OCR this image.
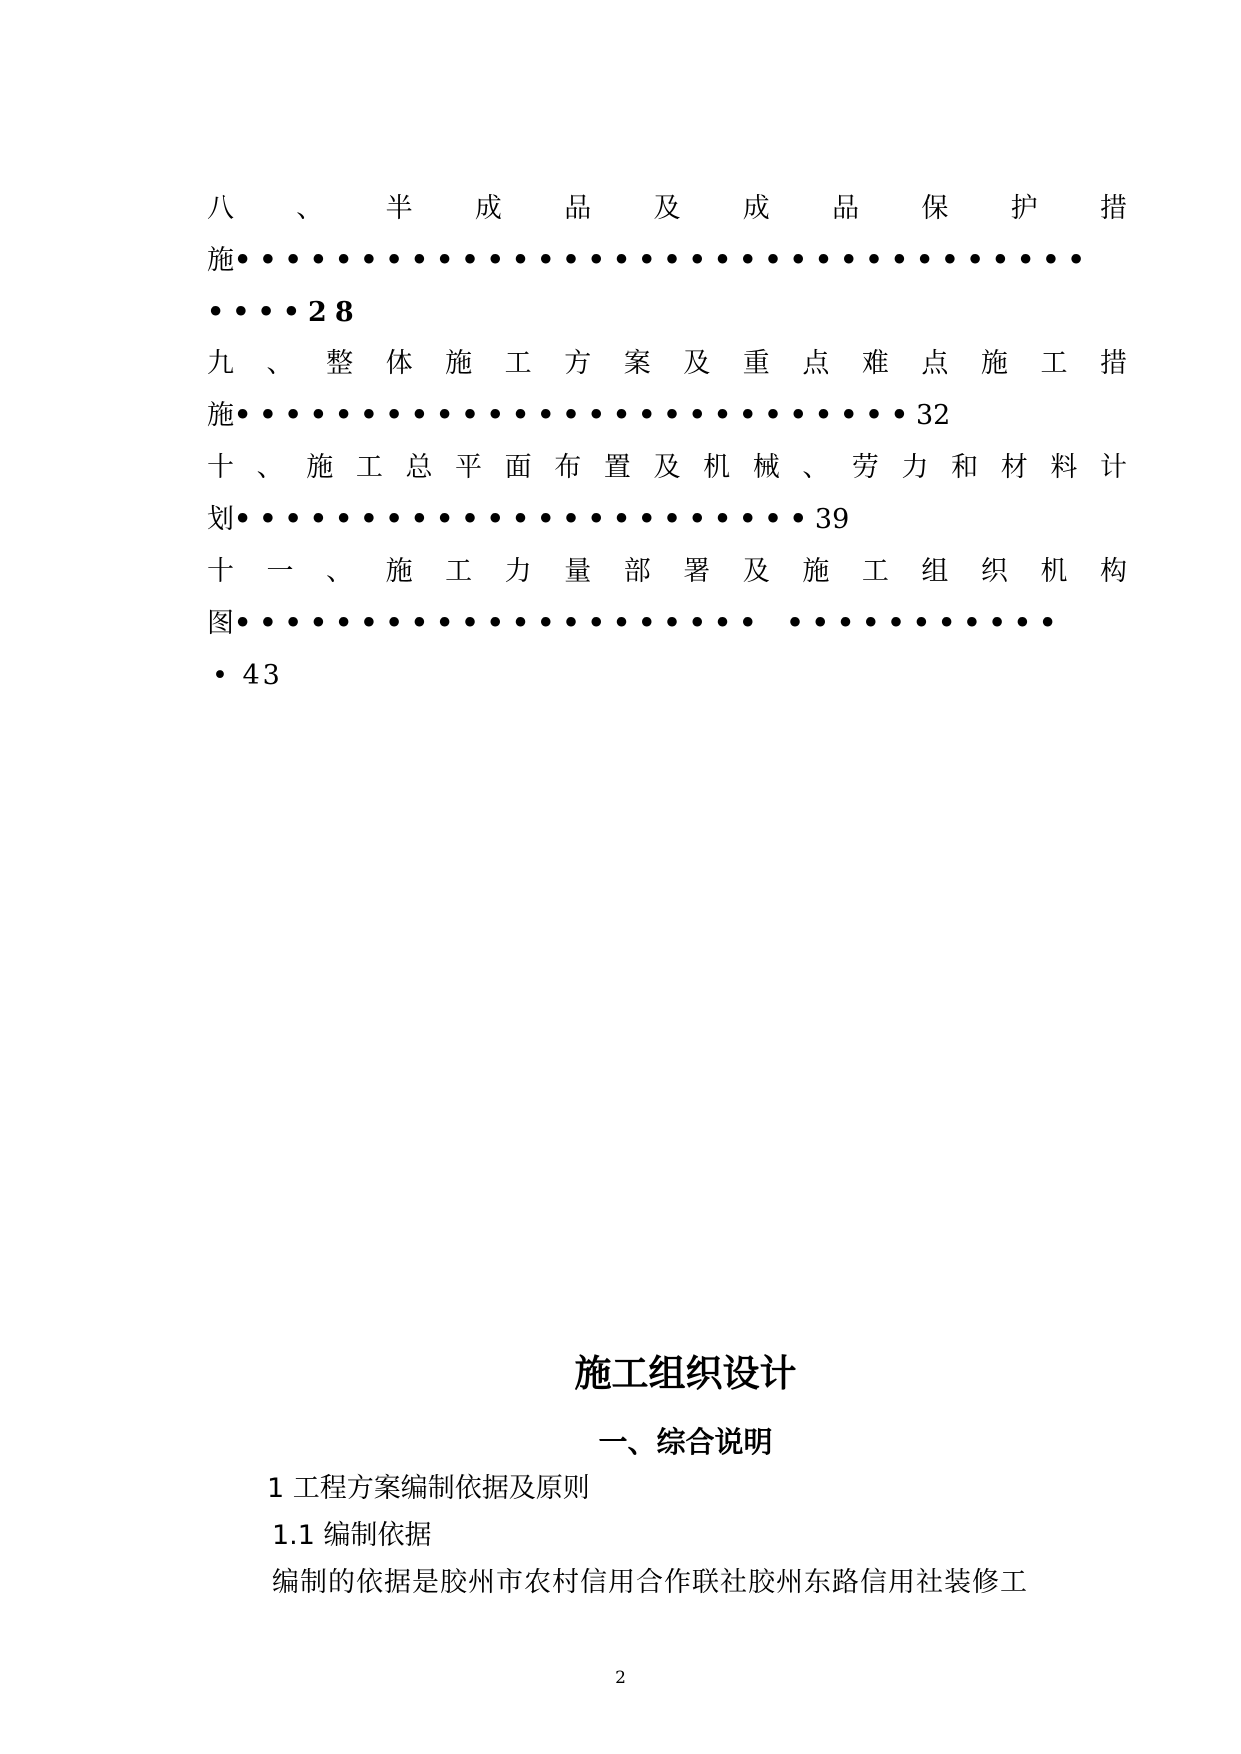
八 、 半 成 品 及 成 品 保 护 措
施••••••••••••••••••••••••••••••••••
••••28
九 、 整 体 施 工 方 案 及 重 点 难 点 施 工 措
施•••••••••••••••••••••••••••32
十 、 施 工 总 平 面 布 置 及 机 械 、 劳 力 和 材 料 计
划•••••••••••••••••••••••39
十 一 、 施 工 力 量 部 署 及 施 工 组 织 机 构
图••••••••••••••••••••• •••••••••••
• 43
施工组织设计
一、综合说明
1 工程方案编制依据及原则
1.1 编制依据
编制的依据是胶州市农村信用合作联社胶州东路信用社装修工
2
